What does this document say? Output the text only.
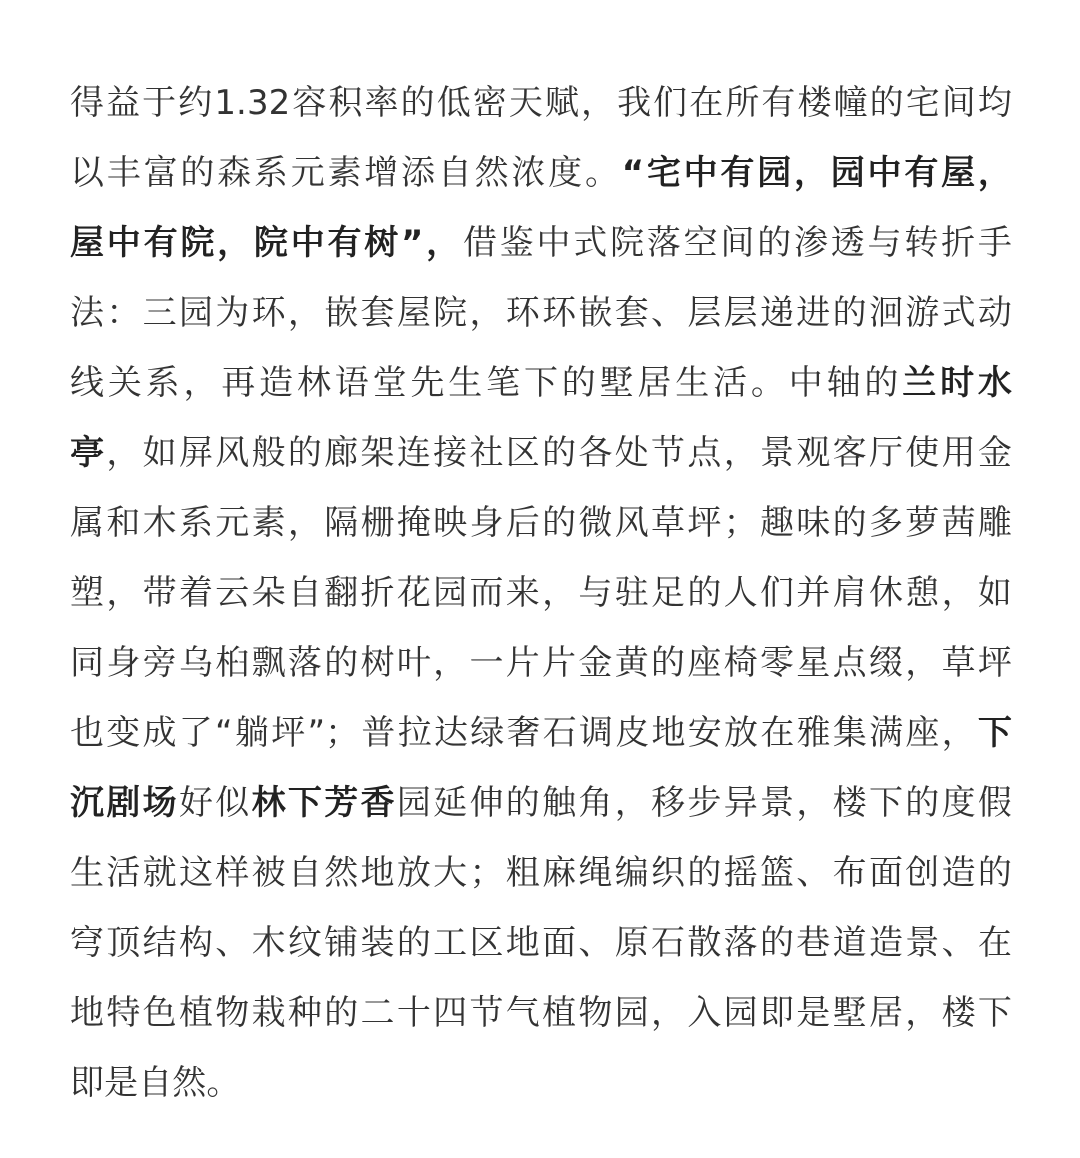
得益于约1.32容积率的低密天赋，我们在所有楼幢的宅间均
以丰富的森系元素增添自然浓度。“宅中有园，园中有屋，
屋中有院，院中有树”，借鉴中式院落空间的渗透与转折手
法：三园为环，嵌套屋院，环环嵌套、层层递进的洄游式动
线关系，再造林语堂先生笔下的墅居生活。中轴的兰时水
亭，如屏风般的廊架连接社区的各处节点，景观客厅使用金
属和木系元素，隔栅掩映身后的微风草坪；趣味的多萝茜雕
塑，带着云朵自翻折花园而来，与驻足的人们并肩休憩，如
同身旁乌桕飘落的树叶，一片片金黄的座椅零星点缀，草坪
也变成了“躺坪”；普拉达绿奢石调皮地安放在雅集满座，下
沉剧场好似林下芳香园延伸的触角，移步异景，楼下的度假
生活就这样被自然地放大；粗麻绳编织的摇篮、布面创造的
穹顶结构、木纹铺装的工区地面、原石散落的巷道造景、在
地特色植物栽种的二十四节气植物园，入园即是墅居，楼下
即是自然。
